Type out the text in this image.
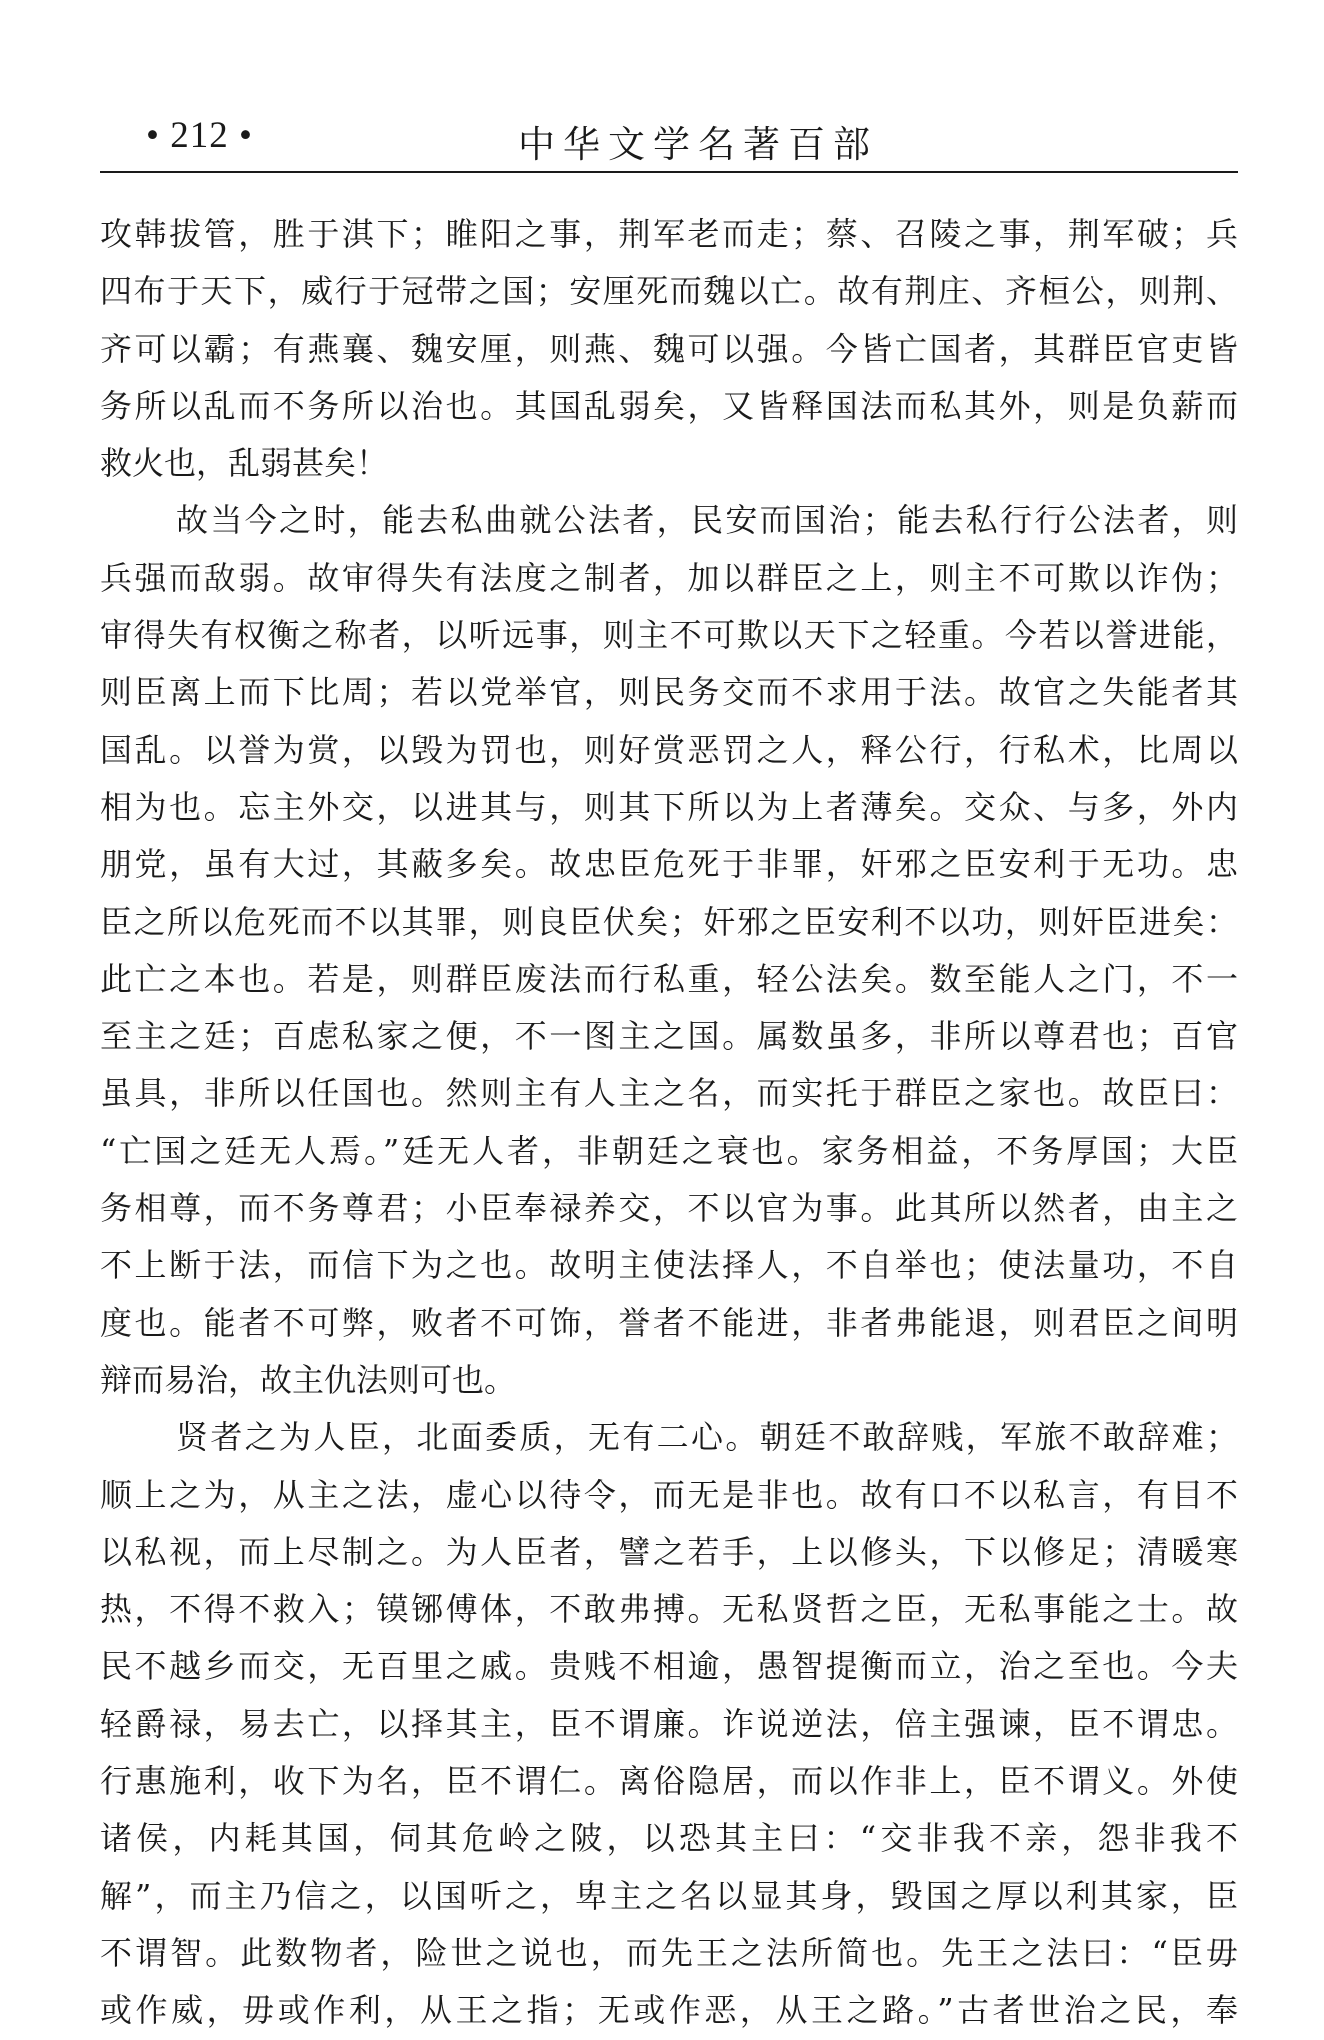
• 212 •	中华文学名著百部
攻韩拔管，胜于淇下；睢阳之事，荆军老而走；蔡、召陵之事，荆军破；兵
四布于天下，威行于冠带之国；安厘死而魏以亡。故有荆庄、齐桓公，则荆、
齐可以霸；有燕襄、魏安厘，则燕、魏可以强。今皆亡国者，其群臣官吏皆
务所以乱而不务所以治也。其国乱弱矣，又皆释国法而私其外，则是负薪而
救火也，乱弱甚矣！
故当今之时，能去私曲就公法者，民安而国治；能去私行行公法者，则
兵强而敌弱。故审得失有法度之制者，加以群臣之上，则主不可欺以诈伪；
审得失有权衡之称者，以听远事，则主不可欺以天下之轻重。今若以誉进能，
则臣离上而下比周；若以党举官，则民务交而不求用于法。故官之失能者其
国乱。以誉为赏，以毁为罚也，则好赏恶罚之人，释公行，行私术，比周以
相为也。忘主外交，以进其与，则其下所以为上者薄矣。交众、与多，外内
朋党，虽有大过，其蔽多矣。故忠臣危死于非罪，奸邪之臣安利于无功。忠
臣之所以危死而不以其罪，则良臣伏矣；奸邪之臣安利不以功，则奸臣进矣：
此亡之本也。若是，则群臣废法而行私重，轻公法矣。数至能人之门，不一
至主之廷；百虑私家之便，不一图主之国。属数虽多，非所以尊君也；百官
虽具，非所以任国也。然则主有人主之名，而实托于群臣之家也。故臣曰：
“亡国之廷无人焉。”廷无人者，非朝廷之衰也。家务相益，不务厚国；大臣
务相尊，而不务尊君；小臣奉禄养交，不以官为事。此其所以然者，由主之
不上断于法，而信下为之也。故明主使法择人，不自举也；使法量功，不自
度也。能者不可弊，败者不可饰，誉者不能进，非者弗能退，则君臣之间明
辩而易治，故主仇法则可也。
贤者之为人臣，北面委质，无有二心。朝廷不敢辞贱，军旅不敢辞难；
顺上之为，从主之法，虚心以待令，而无是非也。故有口不以私言，有目不
以私视，而上尽制之。为人臣者，譬之若手，上以修头，下以修足；清暖寒
热，不得不救入；镆铘傅体，不敢弗搏。无私贤哲之臣，无私事能之士。故
民不越乡而交，无百里之戚。贵贱不相逾，愚智提衡而立，治之至也。今夫
轻爵禄，易去亡，以择其主，臣不谓廉。诈说逆法，倍主强谏，臣不谓忠。
行惠施利，收下为名，臣不谓仁。离俗隐居，而以作非上，臣不谓义。外使
诸侯，内耗其国，伺其危岭之陂，以恐其主曰：“交非我不亲，怨非我不
解”，而主乃信之，以国听之，卑主之名以显其身，毁国之厚以利其家，臣
不谓智。此数物者，险世之说也，而先王之法所简也。先王之法曰：“臣毋
或作威，毋或作利，从王之指；无或作恶，从王之路。”古者世治之民，奉
